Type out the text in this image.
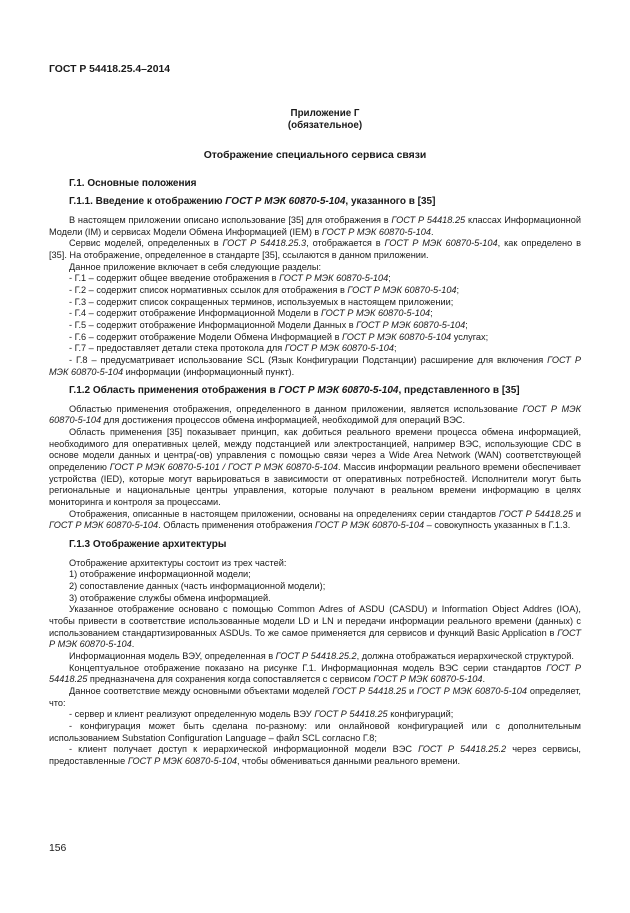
ГОСТ Р 54418.25.4–2014
Приложение Г
(обязательное)
Отображение специального сервиса связи
Г.1. Основные положения
Г.1.1. Введение к отображению ГОСТ Р МЭК 60870-5-104, указанного в [35]

В настоящем приложении описано использование [35] для отображения в ГОСТ Р 54418.25 классах Информационной Модели (IM) и сервисах Модели Обмена Информацией (IEM) в ГОСТ Р МЭК 60870-5-104.

Сервис моделей, определенных в ГОСТ Р 54418.25.3, отображается в ГОСТ Р МЭК 60870-5-104, как определено в [35]. На отображение, определенное в стандарте [35], ссылаются в данном приложении.

Данное приложение включает в себя следующие разделы:

- Г.1 – содержит общее введение отображения в ГОСТ Р МЭК 60870-5-104;

- Г.2 – содержит список нормативных ссылок для отображения в ГОСТ Р МЭК 60870-5-104;

- Г.3 – содержит список сокращенных терминов, используемых в настоящем приложении;

- Г.4 – содержит отображение Информационной Модели в ГОСТ Р МЭК 60870-5-104;

- Г.5 – содержит отображение Информационной Модели Данных в ГОСТ Р МЭК 60870-5-104;

- Г.6 – содержит отображение Модели Обмена Информацией в ГОСТ Р МЭК 60870-5-104 услугах;

- Г.7 – предоставляет детали стека протокола для ГОСТ Р МЭК 60870-5-104;

- Г.8 – предусматривает использование SCL (Язык Конфигурации Подстанции) расширение для включения ГОСТ Р МЭК 60870-5-104 информации (информационный пункт).

Г.1.2 Область применения отображения в ГОСТ Р МЭК 60870-5-104, представленного в [35]

Областью применения отображения, определенного в данном приложении, является использование ГОСТ Р МЭК 60870-5-104 для достижения процессов обмена информацией, необходимой для операций ВЭС.

Область применения [35] показывает принцип, как добиться реального времени процесса обмена информацией, необходимого для оперативных целей, между подстанцией или электростанцией, например ВЭС, использующие CDC в основе модели данных и центра(-ов) управления с помощью связи через а Wide Area Network (WAN) соответствующей определению ГОСТ Р МЭК 60870-5-101 / ГОСТ Р МЭК 60870-5-104. Массив информации реального времени обеспечивает устройства (IED), которые могут варьироваться в зависимости от оперативных потребностей. Исполнители могут быть региональные и национальные центры управления, которые получают в реальном времени информацию в целях мониторинга и контроля за процессами.

Отображения, описанные в настоящем приложении, основаны на определениях серии стандартов ГОСТ Р 54418.25 и ГОСТ Р МЭК 60870-5-104. Область применения отображения ГОСТ Р МЭК 60870-5-104 – совокупность указанных в Г.1.3.

Г.1.3 Отображение архитектуры

Отображение архитектуры состоит из трех частей:

1) отображение информационной модели;

2) сопоставление данных (часть информационной модели);

3) отображение службы обмена информацией.

Указанное отображение основано с помощью Common Adres of ASDU (CASDU) и Information Object Addres (IOA), чтобы привести в соответствие использованные модели LD и LN и передачи информации реального времени (данных) с использованием стандартизированных ASDUs. То же самое применяется для сервисов и функций Basic Application в ГОСТ Р МЭК 60870-5-104.

Информационная модель ВЭУ, определенная в ГОСТ Р 54418.25.2, должна отображаться иерархической структурой.

Концептуальное отображение показано на рисунке Г.1. Информационная модель ВЭС серии стандартов ГОСТ Р 54418.25 предназначена для сохранения когда сопоставляется с сервисом ГОСТ Р МЭК 60870-5-104.

Данное соответствие между основными объектами моделей ГОСТ Р 54418.25 и ГОСТ Р МЭК 60870-5-104 определяет, что:

- сервер и клиент реализуют определенную модель ВЭУ ГОСТ Р 54418.25 конфигураций;

- конфигурация может быть сделана по-разному: или онлайновой конфигурацией или с дополнительным использованием Substation Configuration Language – файл SCL согласно Г.8;

- клиент получает доступ к иерархической информационной модели ВЭС ГОСТ Р 54418.25.2 через сервисы, предоставленные ГОСТ Р МЭК 60870-5-104, чтобы обмениваться данными реального времени.

156
